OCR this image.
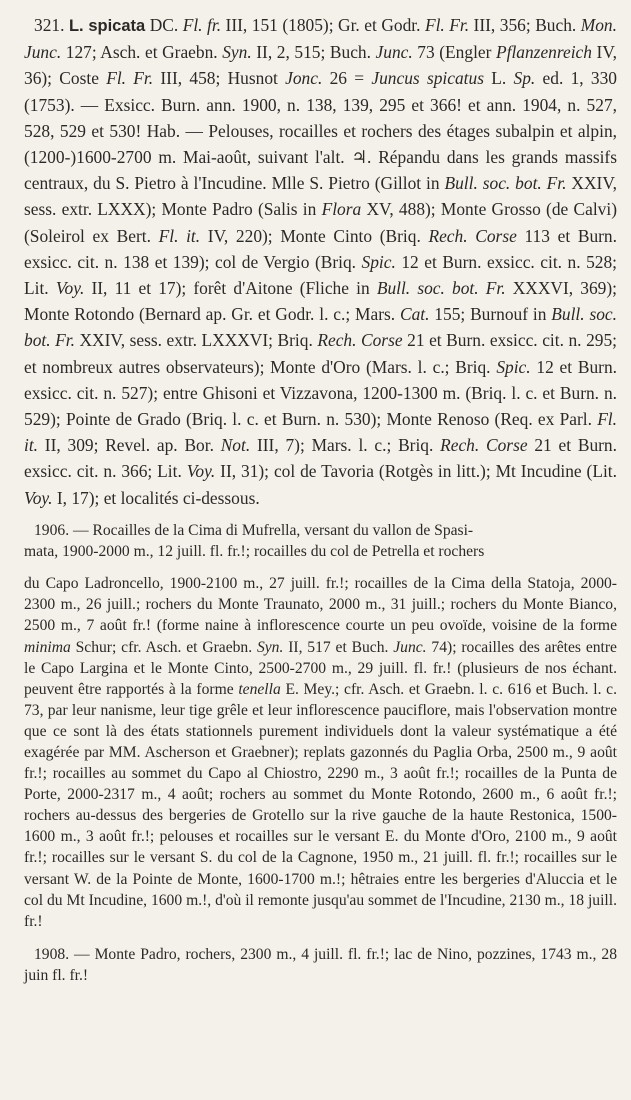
321. L. spicata DC. Fl. fr. III, 151 (1805); Gr. et Godr. Fl. Fr. III, 356; Buch. Mon. Junc. 127; Asch. et Graebn. Syn. II, 2, 515; Buch. Junc. 73 (Engler Pflanzenreich IV, 36); Coste Fl. Fr. III, 458; Husnot Jonc. 26 = Juncus spicatus L. Sp. ed. 1, 330 (1753). — Exsicc. Burn. ann. 1900, n. 138, 139, 295 et 366! et ann. 1904, n. 527, 528, 529 et 530! Hab. — Pelouses, rocailles et rochers des étages subalpin et alpin, (1200-)1600-2700 m. Mai-août, suivant l'alt. ♃. Répandu dans les grands massifs centraux, du S. Pietro à l'Incudine. Mlle S. Pietro (Gillot in Bull. soc. bot. Fr. XXIV, sess. extr. LXXX); Monte Padro (Salis in Flora XV, 488); Monte Grosso (de Calvi) (Soleirol ex Bert. Fl. it. IV, 220); Monte Cinto (Briq. Rech. Corse 113 et Burn. exsicc. cit. n. 138 et 139); col de Vergio (Briq. Spic. 12 et Burn. exsicc. cit. n. 528; Lit. Voy. II, 11 et 17); forêt d'Aitone (Fliche in Bull. soc. bot. Fr. XXXVI, 369); Monte Rotondo (Bernard ap. Gr. et Godr. l. c.; Mars. Cat. 155; Burnouf in Bull. soc. bot. Fr. XXIV, sess. extr. LXXXVI; Briq. Rech. Corse 21 et Burn. exsicc. cit. n. 295; et nombreux autres observateurs); Monte d'Oro (Mars. l. c.; Briq. Spic. 12 et Burn. exsicc. cit. n. 527); entre Ghisoni et Vizzavona, 1200-1300 m. (Briq. l. c. et Burn. n. 529); Pointe de Grado (Briq. l. c. et Burn. n. 530); Monte Renoso (Req. ex Parl. Fl. it. II, 309; Revel. ap. Bor. Not. III, 7); Mars. l. c.; Briq. Rech. Corse 21 et Burn. exsicc. cit. n. 366; Lit. Voy. II, 31); col de Tavoria (Rotgès in litt.); Mt Incudine (Lit. Voy. I, 17); et localités ci-dessous.

1906. — Rocailles de la Cima di Mufrella, versant du vallon de Spasi-
mata, 1900-2000 m., 12 juill. fl. fr.!; rocailles du col de Petrella et rochers

du Capo Ladroncello, 1900-2100 m., 27 juill. fr.!; rocailles de la Cima della Statoja, 2000-2300 m., 26 juill.; rochers du Monte Traunato, 2000 m., 31 juill.; rochers du Monte Bianco, 2500 m., 7 août fr.! (forme naine à inflorescence courte un peu ovoïde, voisine de la forme minima Schur; cfr. Asch. et Graebn. Syn. II, 517 et Buch. Junc. 74); rocailles des arêtes entre le Capo Largina et le Monte Cinto, 2500-2700 m., 29 juill. fl. fr.! (plusieurs de nos échant. peuvent être rapportés à la forme tenella E. Mey.; cfr. Asch. et Graebn. l. c. 616 et Buch. l. c. 73, par leur nanisme, leur tige grêle et leur inflorescence pauciflore, mais l'observation montre que ce sont là des états stationnels purement individuels dont la valeur systématique a été exagérée par MM. Ascherson et Graebner); replats gazonnés du Paglia Orba, 2500 m., 9 août fr.!; rocailles au sommet du Capo al Chiostro, 2290 m., 3 août fr.!; rocailles de la Punta de Porte, 2000-2317 m., 4 août; rochers au sommet du Monte Rotondo, 2600 m., 6 août fr.!; rochers au-dessus des bergeries de Grotello sur la rive gauche de la haute Restonica, 1500-1600 m., 3 août fr.!; pelouses et rocailles sur le versant E. du Monte d'Oro, 2100 m., 9 août fr.!; rocailles sur le versant S. du col de la Cagnone, 1950 m., 21 juill. fl. fr.!; rocailles sur le versant W. de la Pointe de Monte, 1600-1700 m.!; hêtraies entre les bergeries d'Aluccia et le col du Mt Incudine, 1600 m.!, d'où il remonte jusqu'au sommet de l'Incudine, 2130 m., 18 juill. fr.!

1908. — Monte Padro, rochers, 2300 m., 4 juill. fl. fr.!; lac de Nino, pozzines, 1743 m., 28 juin fl. fr.!
